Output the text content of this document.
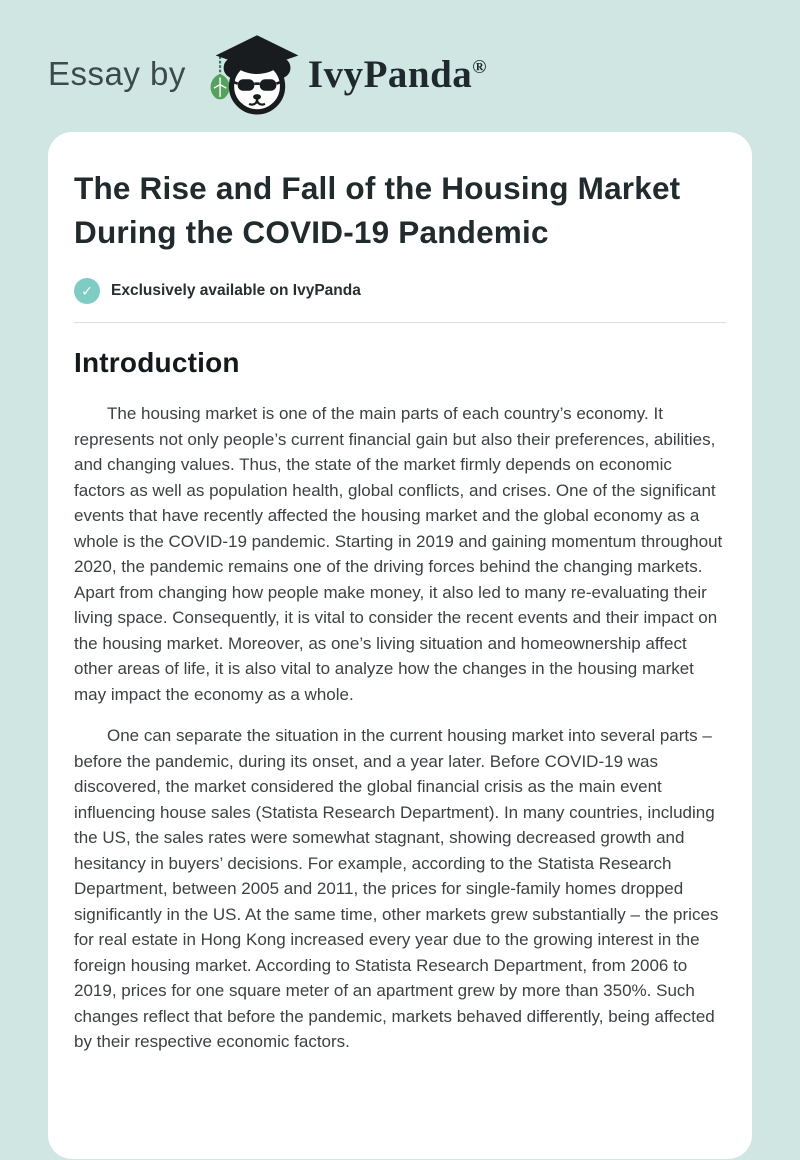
Essay by	IvyPanda®
The Rise and Fall of the Housing Market
During the COVID-19 Pandemic
✓	Exclusively available on IvyPanda
Introduction

The housing market is one of the main parts of each country’s economy. It represents not only people’s current financial gain but also their preferences, abilities, and changing values. Thus, the state of the market firmly depends on economic factors as well as population health, global conflicts, and crises. One of the significant events that have recently affected the housing market and the global economy as a whole is the COVID-19 pandemic. Starting in 2019 and gaining momentum throughout 2020, the pandemic remains one of the driving forces behind the changing markets. Apart from changing how people make money, it also led to many re-evaluating their living space. Consequently, it is vital to consider the recent events and their impact on the housing market. Moreover, as one’s living situation and homeownership affect other areas of life, it is also vital to analyze how the changes in the housing market may impact the economy as a whole.

One can separate the situation in the current housing market into several parts – before the pandemic, during its onset, and a year later. Before COVID-19 was discovered, the market considered the global financial crisis as the main event influencing house sales (Statista Research Department). In many countries, including the US, the sales rates were somewhat stagnant, showing decreased growth and hesitancy in buyers’ decisions. For example, according to the Statista Research Department, between 2005 and 2011, the prices for single-family homes dropped significantly in the US. At the same time, other markets grew substantially – the prices for real estate in Hong Kong increased every year due to the growing interest in the foreign housing market. According to Statista Research Department, from 2006 to 2019, prices for one square meter of an apartment grew by more than 350%. Such changes reflect that before the pandemic, markets behaved differently, being affected by their respective economic factors.
